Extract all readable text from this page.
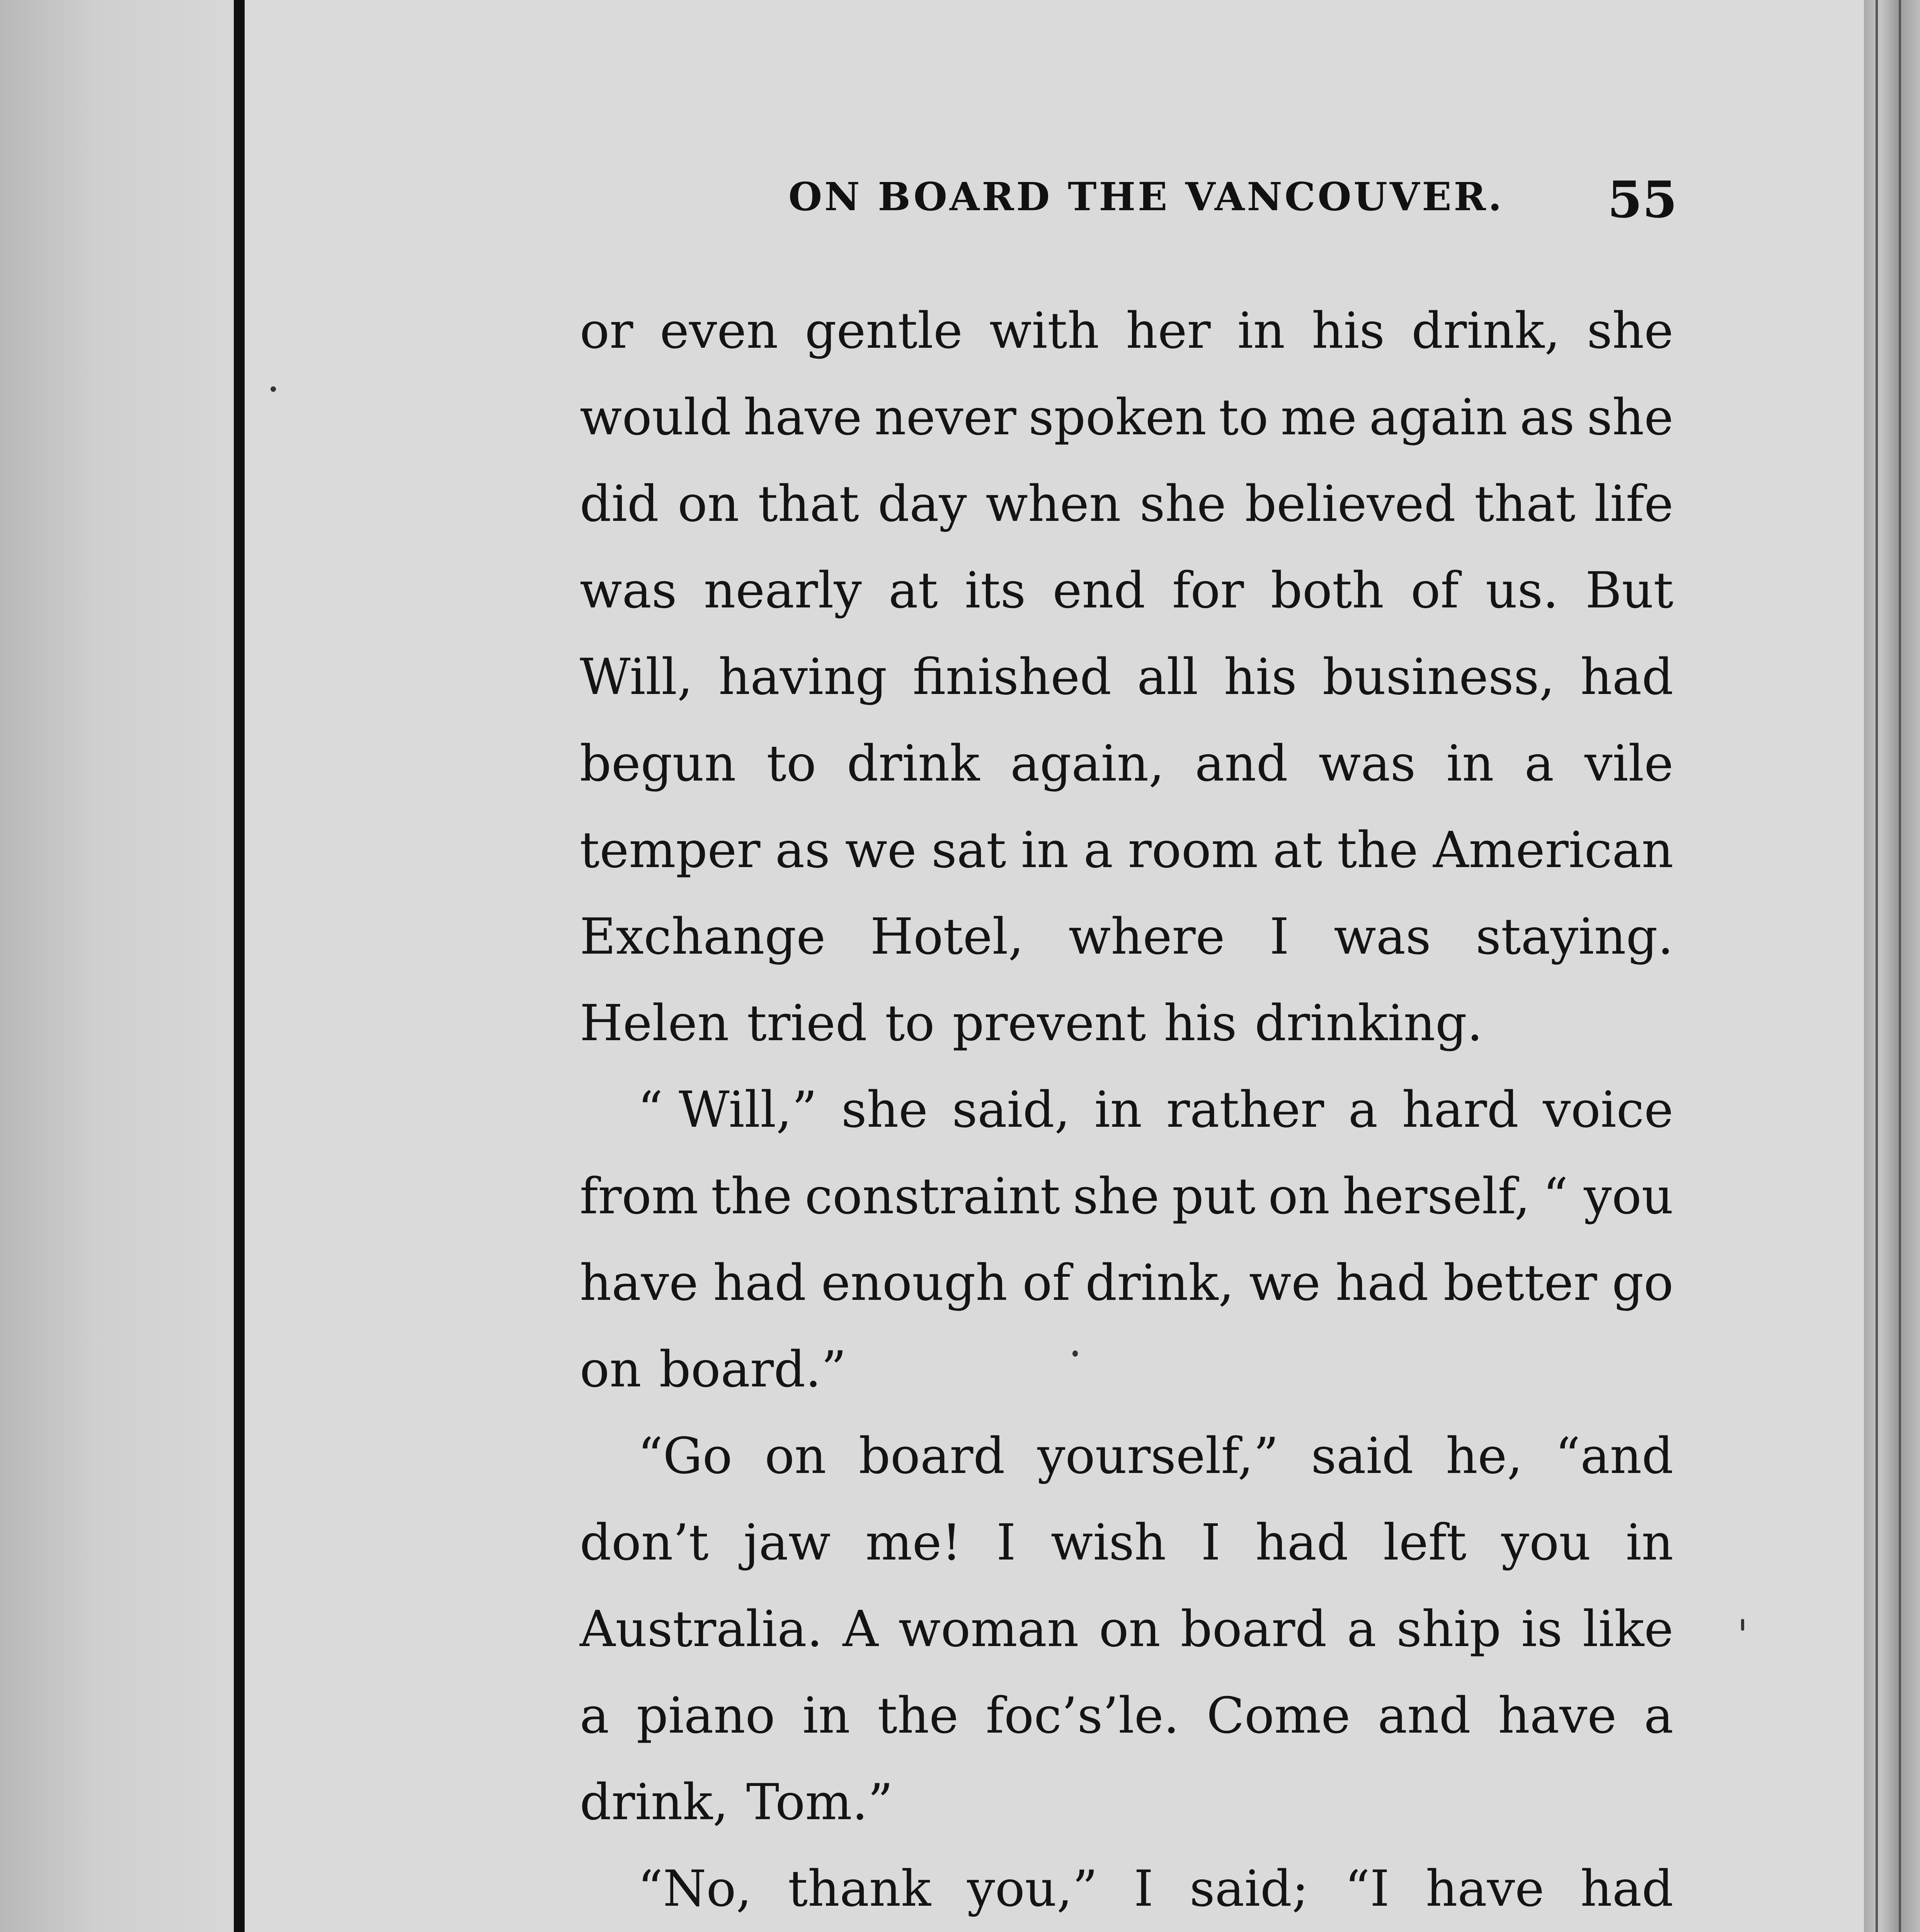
ON BOARD THE VANCOUVER. 55
or even gentle with her in his drink, she
would have never spoken to me again as she
did on that day when she believed that life
was nearly at its end for both of us. But
Will, having finished all his business, had
begun to drink again, and was in a vile
temper as we sat in a room at the American
Exchange Hotel, where I was staying.
Helen tried to prevent his drinking.
“ Will,” she said, in rather a hard voice
from the constraint she put on herself, “ you
have had enough of drink, we had better go
on board.”
“Go on board yourself,” said he, “and
don’t jaw me! I wish I had left you in
Australia. A woman on board a ship is like
a piano in the foc’s’le. Come and have a
drink, Tom.”
“No, thank you,” I said; “I have had
